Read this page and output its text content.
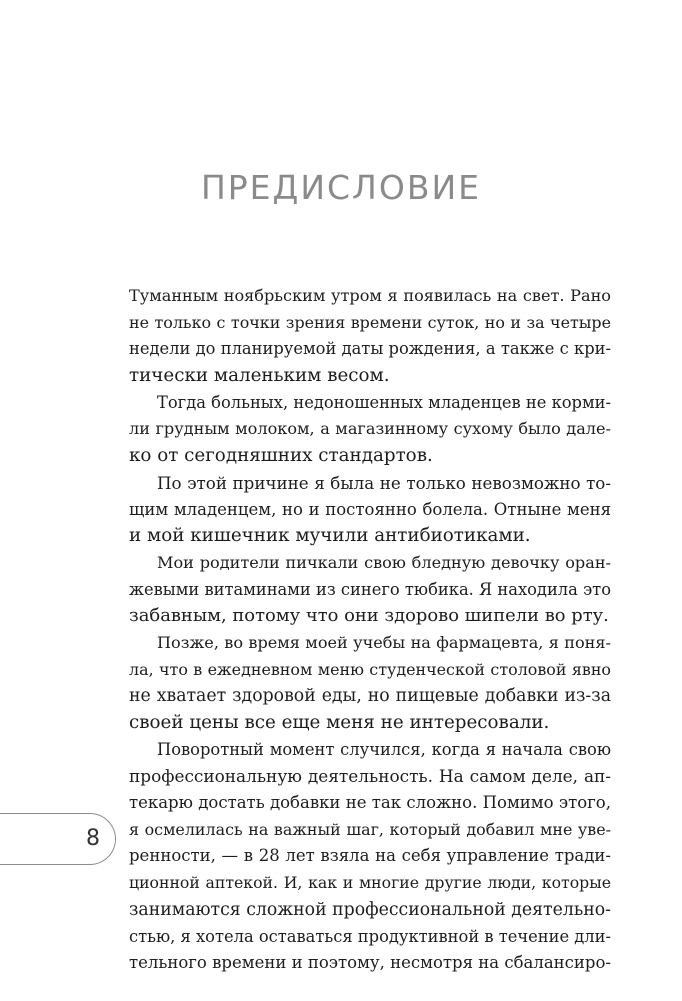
ПРЕДИСЛОВИЕ
Туманным ноябрьским утром я появилась на свет. Рано
не только с точки зрения времени суток, но и за четыре
недели до планируемой даты рождения, а также с кри-
тически маленьким весом.
Тогда больных, недоношенных младенцев не корми-
ли грудным молоком, а магазинному сухому было дале-
ко от сегодняшних стандартов.
По этой причине я была не только невозможно то-
щим младенцем, но и постоянно болела. Отныне меня
и мой кишечник мучили антибиотиками.
Мои родители пичкали свою бледную девочку оран-
жевыми витаминами из синего тюбика. Я находила это
забавным, потому что они здорово шипели во рту.
Позже, во время моей учебы на фармацевта, я поня-
ла, что в ежедневном меню студенческой столовой явно
не хватает здоровой еды, но пищевые добавки из-за
своей цены все еще меня не интересовали.
Поворотный момент случился, когда я начала свою
профессиональную деятельность. На самом деле, ап-
текарю достать добавки не так сложно. Помимо этого,
я осмелилась на важный шаг, который добавил мне уве-
ренности, — в 28 лет взяла на себя управление тради-
ционной аптекой. И, как и многие другие люди, которые
занимаются сложной профессиональной деятельно-
стью, я хотела оставаться продуктивной в течение дли-
тельного времени и поэтому, несмотря на сбалансиро-
8
